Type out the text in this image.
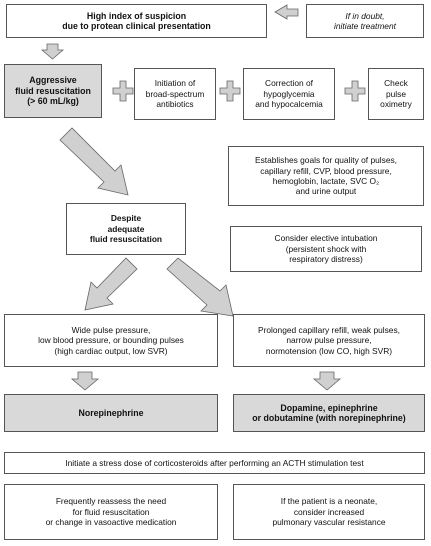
High index of suspicion
due to protean clinical presentation
If in doubt,
initiate treatment
Aggressive
fluid resuscitation
(> 60 mL/kg)
Initiation of
broad-spectrum
antibiotics
Correction of
hypoglycemia
and hypocalcemia
Check
pulse
oximetry
Establishes goals for quality of pulses,
capillary refill, CVP, blood pressure,
hemoglobin, lactate, SVC O₂
and urine output
Despite
adequate
fluid resuscitation	Consider elective intubation
(persistent shock with
respiratory distress)
Wide pulse pressure,
low blood pressure, or bounding pulses
(high cardiac output, low SVR)
Prolonged capillary refill, weak pulses,
narrow pulse pressure,
normotension (low CO, high SVR)
Norepinephrine
Dopamine, epinephrine
or dobutamine (with norepinephrine)
Initiate a stress dose of corticosteroids after performing an ACTH stimulation test
Frequently reassess the need
for fluid resuscitation
or change in vasoactive medication
If the patient is a neonate,
consider increased
pulmonary vascular resistance
